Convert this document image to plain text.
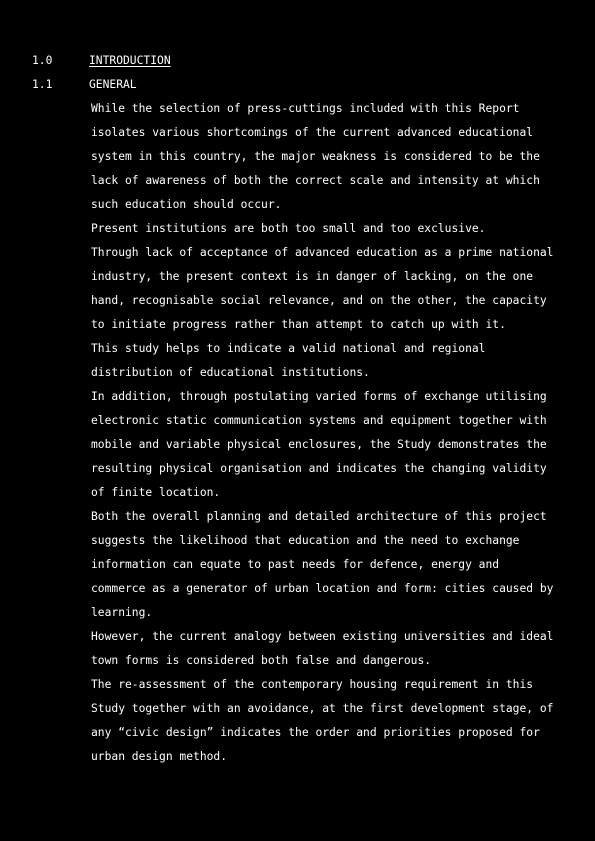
1.0	INTRODUCTION
1.1	GENERAL
While the selection of press-cuttings included with this Report
isolates various shortcomings of the current advanced educational
system in this country, the major weakness is considered to be the
lack of awareness of both the correct scale and intensity at which
such education should occur.
Present institutions are both too small and too exclusive.
Through lack of acceptance of advanced education as a prime national
industry, the present context is in danger of lacking, on the one
hand, recognisable social relevance, and on the other, the capacity
to initiate progress rather than attempt to catch up with it.
This study helps to indicate a valid national and regional
distribution of educational institutions.
In addition, through postulating varied forms of exchange utilising
electronic static communication systems and equipment together with
mobile and variable physical enclosures, the Study demonstrates the
resulting physical organisation and indicates the changing validity
of finite location.
Both the overall planning and detailed architecture of this project
suggests the likelihood that education and the need to exchange
information can equate to past needs for defence, energy and
commerce as a generator of urban location and form: cities caused by
learning.
However, the current analogy between existing universities and ideal
town forms is considered both false and dangerous.
The re-assessment of the contemporary housing requirement in this
Study together with an avoidance, at the first development stage, of
any “civic design” indicates the order and priorities proposed for
urban design method.
